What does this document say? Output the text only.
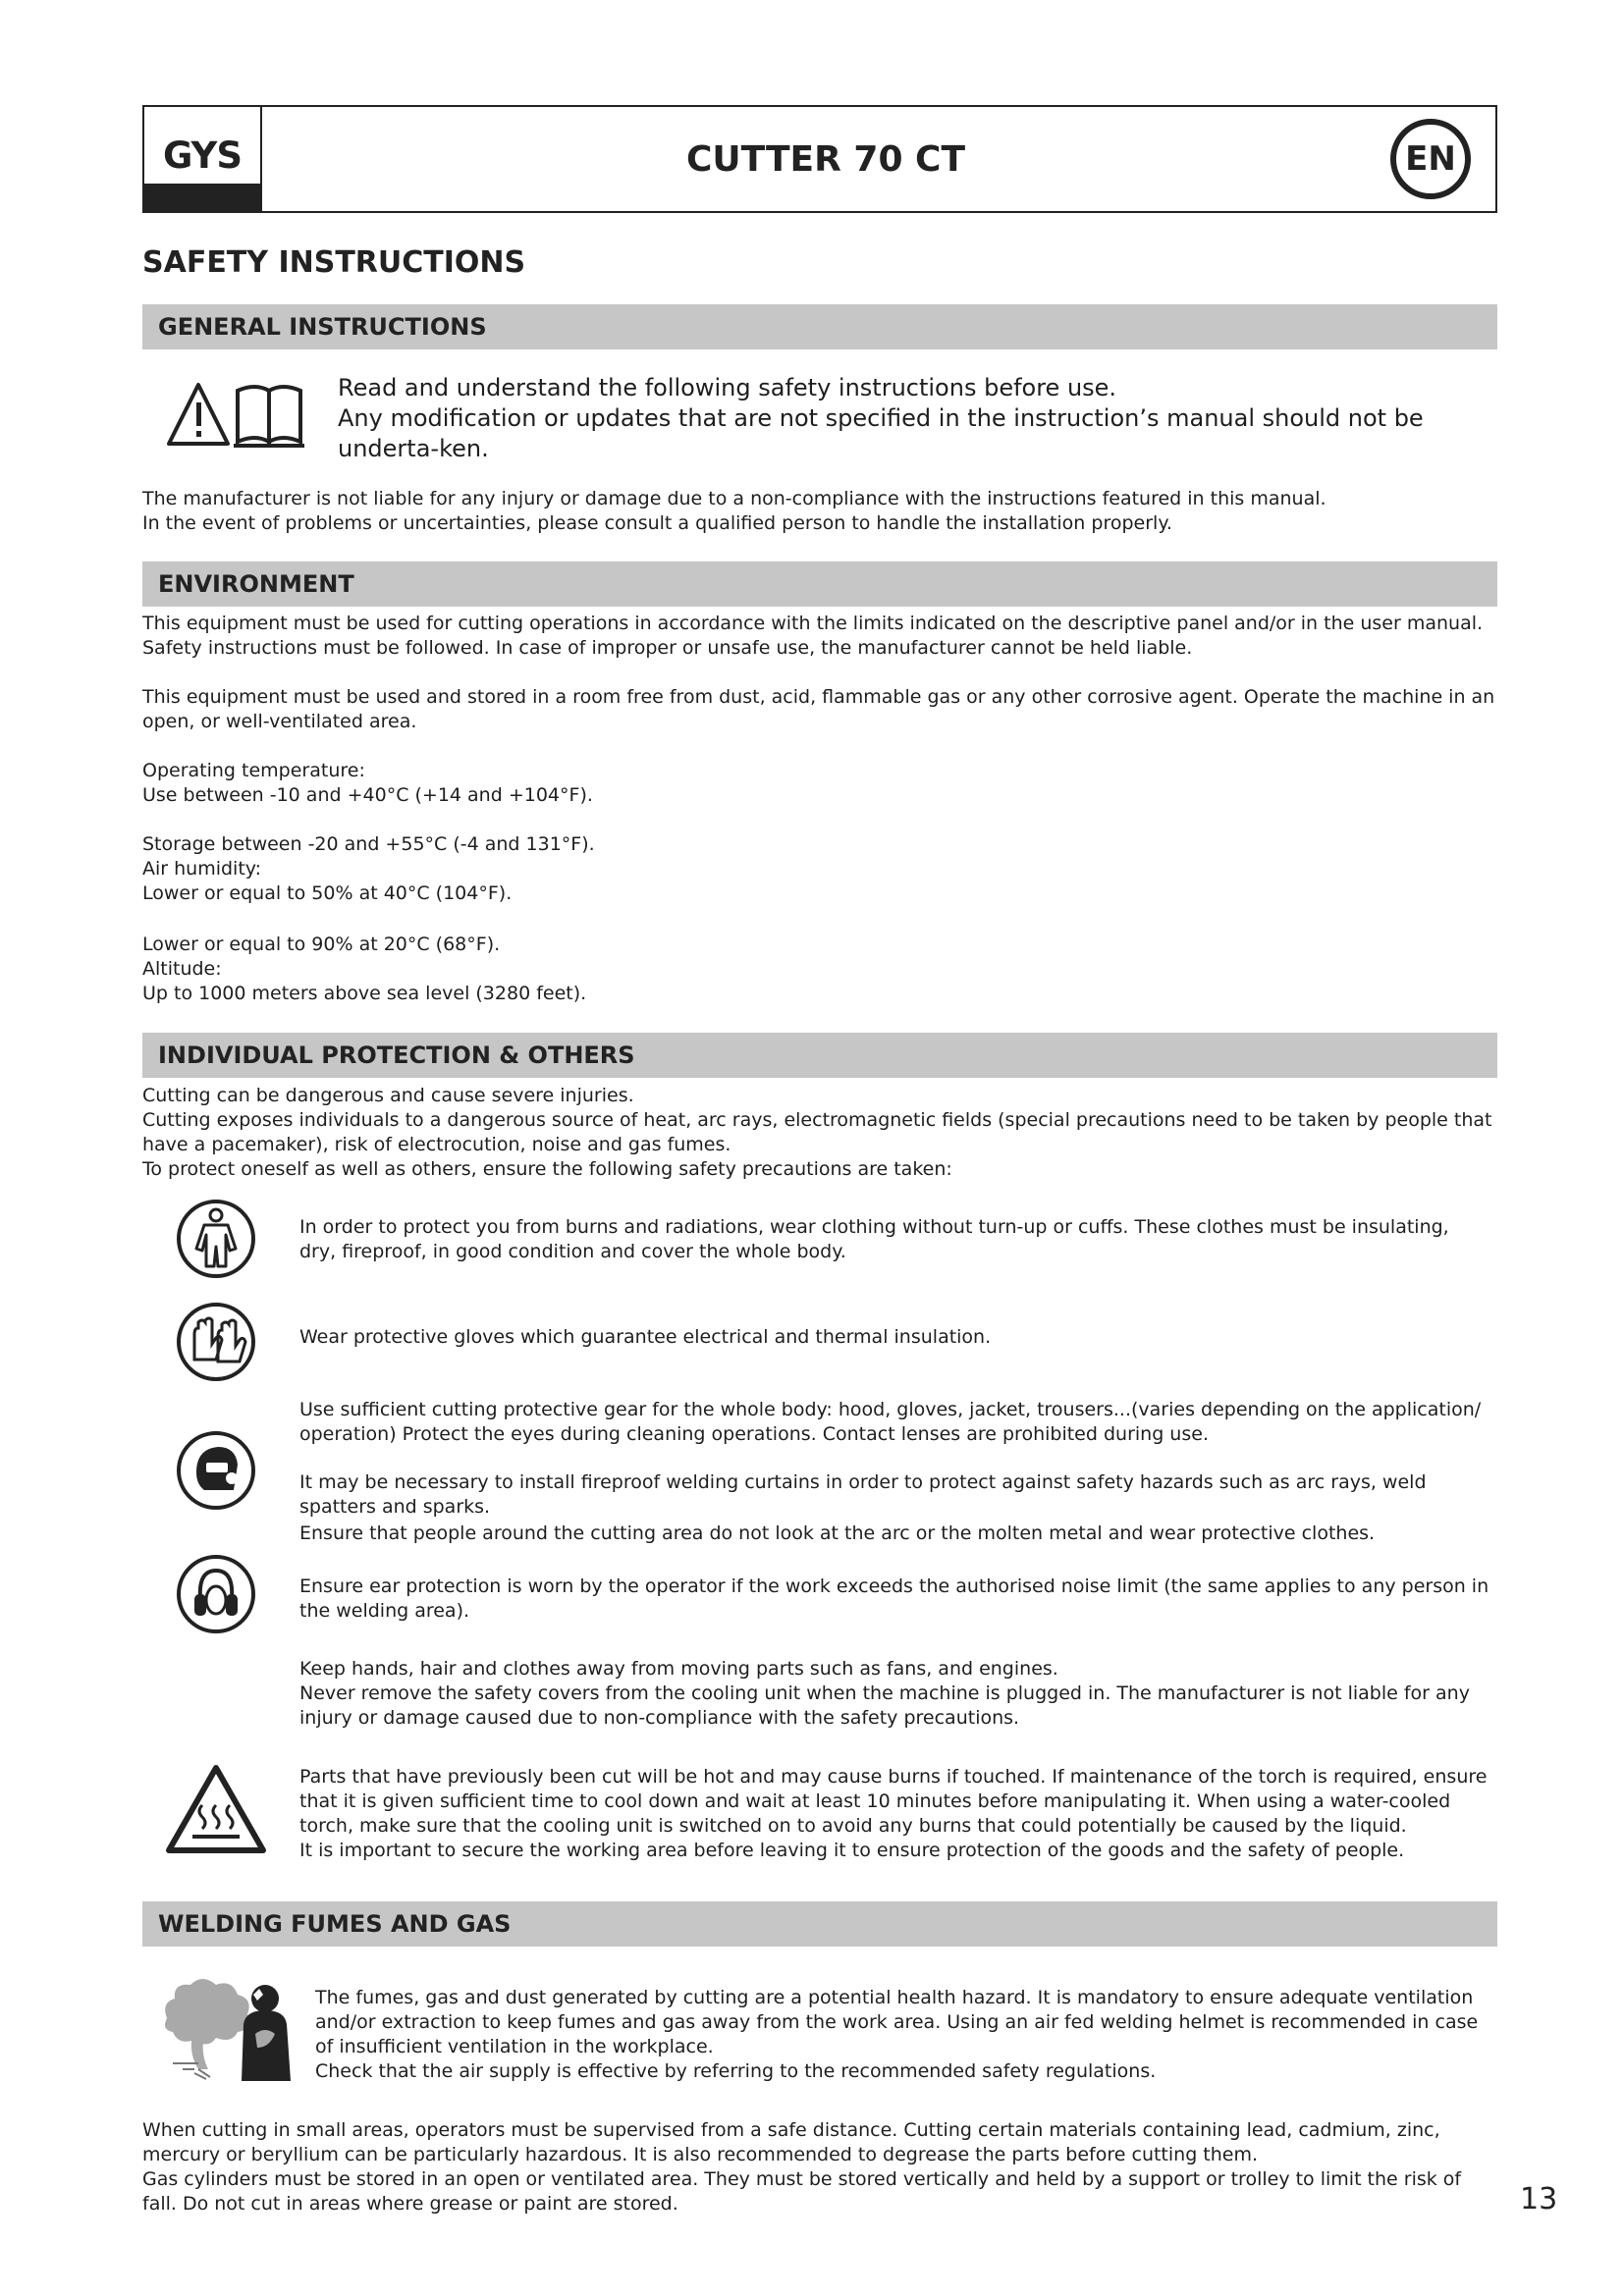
GYS	CUTTER 70 CT	EN
SAFETY INSTRUCTIONS
GENERAL INSTRUCTIONS

Read and understand the following safety instructions before use.

Any modification or updates that are not specified in the instruction’s manual should not be underta-ken.

The manufacturer is not liable for any injury or damage due to a non-compliance with the instructions featured in this manual.

In the event of problems or uncertainties, please consult a qualified person to handle the installation properly.

ENVIRONMENT
This equipment must be used for cutting operations in accordance with the limits indicated on the descriptive panel and/or in the user manual. Safety instructions must be followed. In case of improper or unsafe use, the manufacturer cannot be held liable.
This equipment must be used and stored in a room free from dust, acid, flammable gas or any other corrosive agent. Operate the machine in an open, or well-ventilated area.

Operating temperature:

Use between -10 and +40°C (+14 and +104°F).

Storage between -20 and +55°C (-4 and 131°F).

Air humidity:

Lower or equal to 50% at 40°C (104°F).

Lower or equal to 90% at 20°C (68°F).

Altitude:

Up to 1000 meters above sea level (3280 feet).

INDIVIDUAL PROTECTION & OTHERS

Cutting can be dangerous and cause severe injuries.

Cutting exposes individuals to a dangerous source of heat, arc rays, electromagnetic fields (special precautions need to be taken by people that have a pacemaker), risk of electrocution, noise and gas fumes.

To protect oneself as well as others, ensure the following safety precautions are taken:

In order to protect you from burns and radiations, wear clothing without turn-up or cuffs. These clothes must be insulating, dry, fireproof, in good condition and cover the whole body.
Wear protective gloves which guarantee electrical and thermal insulation.
Use sufficient cutting protective gear for the whole body: hood, gloves, jacket, trousers...(varies depending on the application/ operation) Protect the eyes during cleaning operations. Contact lenses are prohibited during use.
It may be necessary to install fireproof welding curtains in order to protect against safety hazards such as arc rays, weld spatters and sparks.
Ensure that people around the cutting area do not look at the arc or the molten metal and wear protective clothes.
Ensure ear protection is worn by the operator if the work exceeds the authorised noise limit (the same applies to any person in the welding area).

Keep hands, hair and clothes away from moving parts such as fans, and engines.

Never remove the safety covers from the cooling unit when the machine is plugged in. The manufacturer is not liable for any injury or damage caused due to non-compliance with the safety precautions.

Parts that have previously been cut will be hot and may cause burns if touched. If maintenance of the torch is required, ensure that it is given sufficient time to cool down and wait at least 10 minutes before manipulating it. When using a water-cooled torch, make sure that the cooling unit is switched on to avoid any burns that could potentially be caused by the liquid.

It is important to secure the working area before leaving it to ensure protection of the goods and the safety of people.

WELDING FUMES AND GAS

The fumes, gas and dust generated by cutting are a potential health hazard. It is mandatory to ensure adequate ventilation and/or extraction to keep fumes and gas away from the work area. Using an air fed welding helmet is recommended in case of insufficient ventilation in the workplace.

Check that the air supply is effective by referring to the recommended safety regulations.

When cutting in small areas, operators must be supervised from a safe distance. Cutting certain materials containing lead, cadmium, zinc, mercury or beryllium can be particularly hazardous. It is also recommended to degrease the parts before cutting them.

Gas cylinders must be stored in an open or ventilated area. They must be stored vertically and held by a support or trolley to limit the risk of fall. Do not cut in areas where grease or paint are stored.	13
